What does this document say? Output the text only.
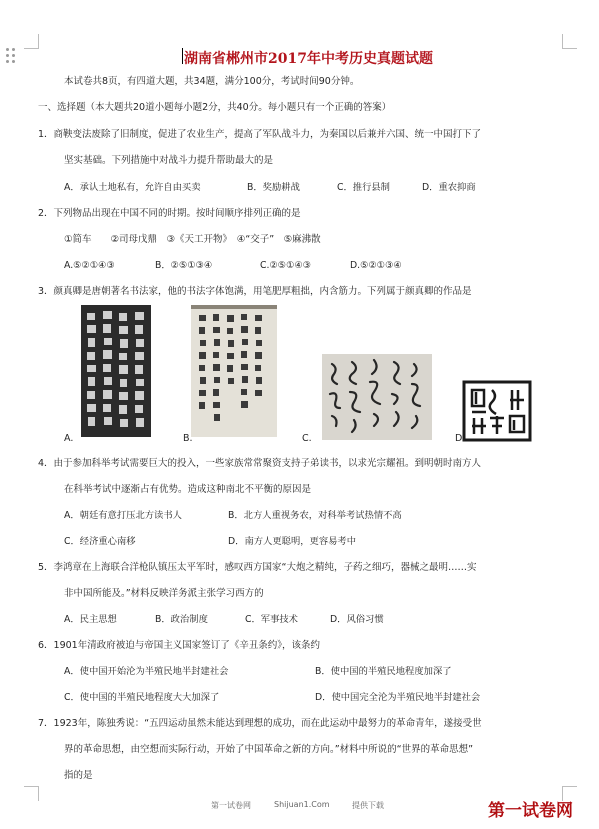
湖南省郴州市2017年中考历史真题试题
本试卷共8页，有四道大题，共34题，满分100分，考试时间90分钟。
一、选择题（本大题共20道小题每小题2分，共40分。每小题只有一个正确的答案）
1．商鞅变法废除了旧制度，促进了农业生产，提高了军队战斗力，为秦国以后兼并六国、统一中国打下了
坚实基础。下列措施中对战斗力提升帮助最大的是
A．承认土地私有，允许自由买卖	B．奖励耕战	C．推行县制	D．重农抑商
2．下列物品出现在中国不同的时期。按时间顺序排列正确的是
①简车　　②司母戊鼎　③《天工开物》　④“交子”　⑤麻沸散
A.⑤②①④③	B．②⑤①③④	C.②⑤①④③	D.⑤②①③④
3．颜真卿是唐朝著名书法家，他的书法字体饱满，用笔肥厚粗拙，内含筋力。下列属于颜真卿的作品是
A.	B.	C.	D.
4．由于参加科举考试需要巨大的投入，一些家族常常聚资支持子弟读书，以求光宗耀祖。到明朝时南方人
在科举考试中逐渐占有优势。造成这种南北不平衡的原因是
A．朝廷有意打压北方读书人	B．北方人重视务农，对科举考试热情不高
C．经济重心南移	D．南方人更聪明，更容易考中
5．李鸿章在上海联合洋枪队镇压太平军时，感叹西方国家“大炮之精纯，子药之细巧，器械之最明……实
非中国所能及。”材料反映洋务派主张学习西方的
A．民主思想	B．政治制度	C．军事技术	D．风俗习惯
6．1901年清政府被迫与帝国主义国家签订了《辛丑条约》，该条约
A．使中国开始沦为半殖民地半封建社会	B．使中国的半殖民地程度加深了
C．使中国的半殖民地程度大大加深了	D．使中国完全沦为半殖民地半封建社会
7．1923年，陈独秀说：“五四运动虽然未能达到理想的成功，而在此运动中最努力的革命青年，遂接受世
界的革命思想，由空想而实际行动，开始了中国革命之新的方向。”材料中所说的“世界的革命思想”
指的是
第一试卷网	Shijuan1.Com	提供下载	第一试卷网
